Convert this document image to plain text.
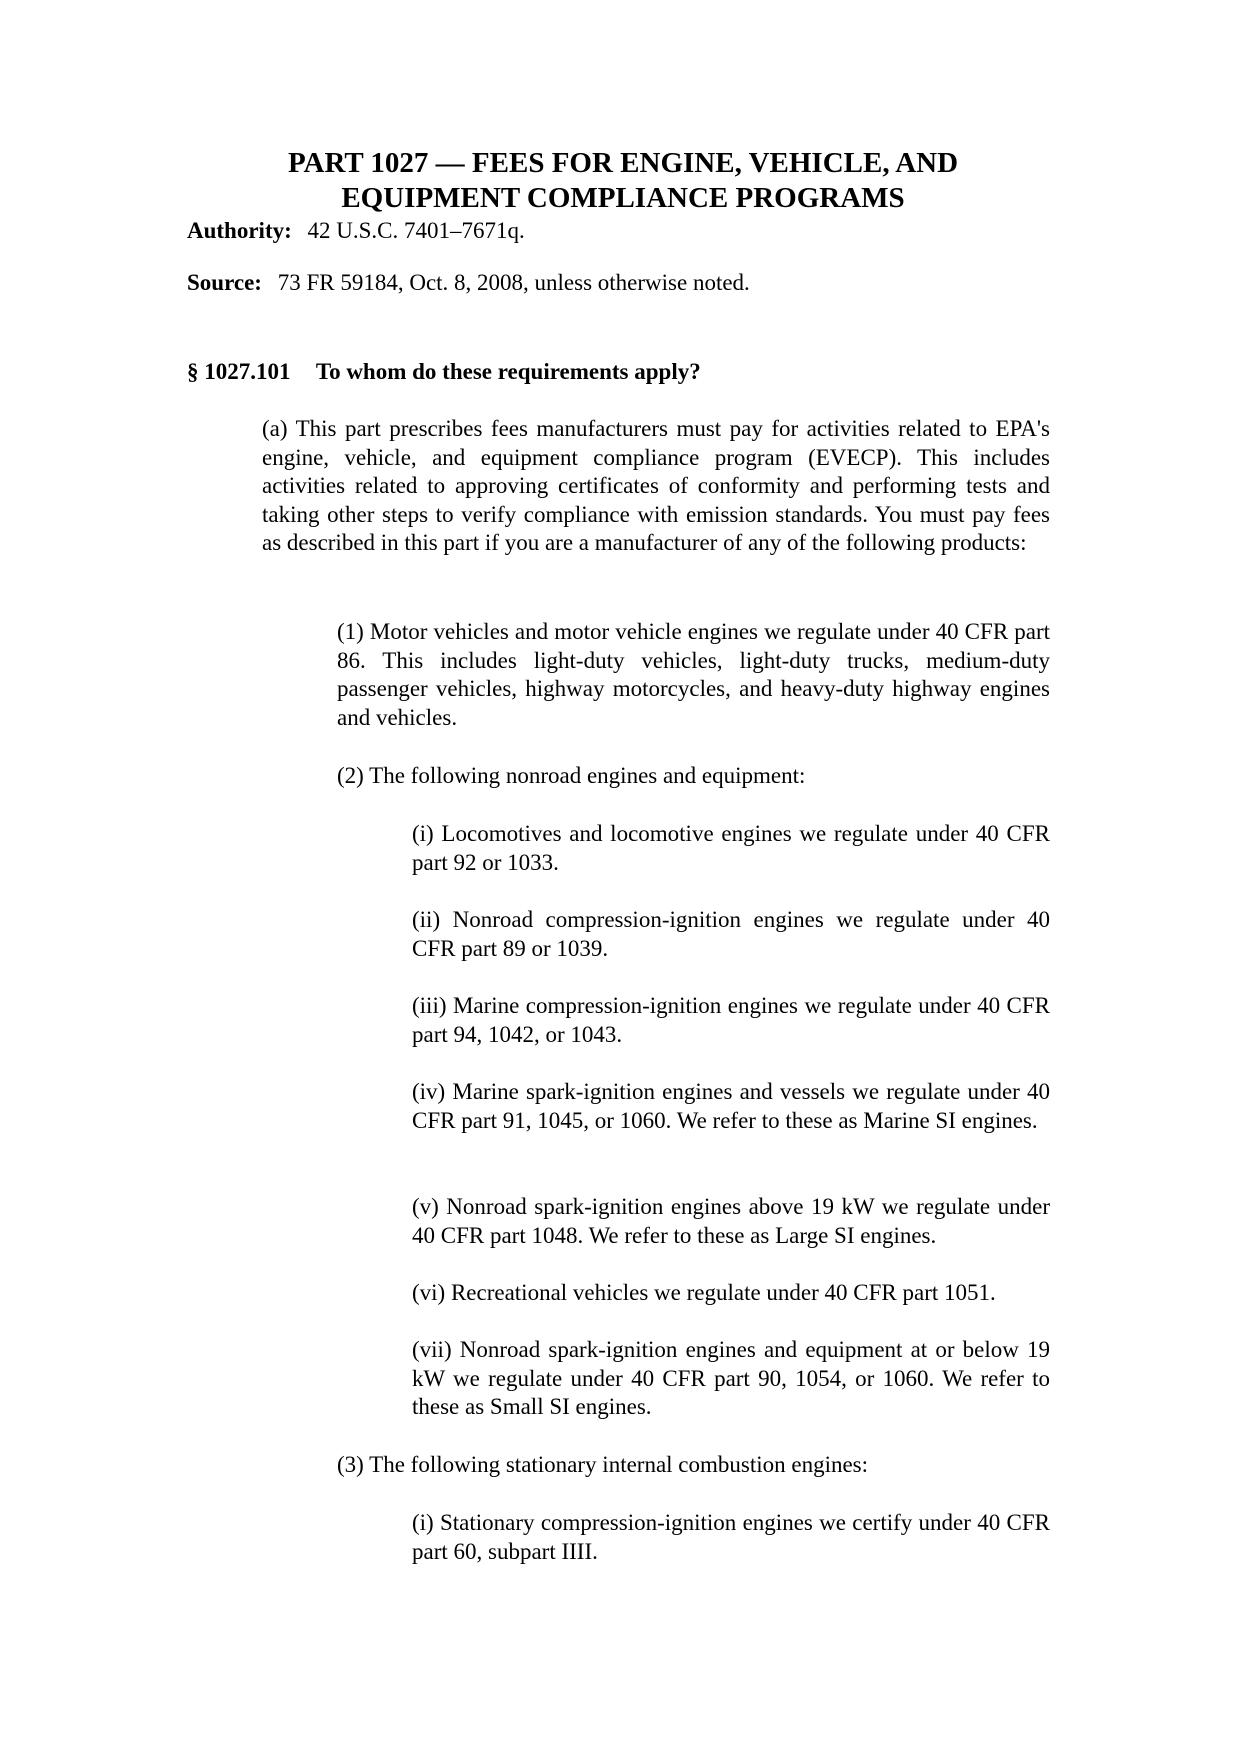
PART 1027 — FEES FOR ENGINE, VEHICLE, AND
EQUIPMENT COMPLIANCE PROGRAMS

Authority: 42 U.S.C. 7401–7671q.

Source: 73 FR 59184, Oct. 8, 2008, unless otherwise noted.

§ 1027.101 To whom do these requirements apply?

(a) This part prescribes fees manufacturers must pay for activities related to EPA's engine, vehicle, and equipment compliance program (EVECP). This includes activities related to approving certificates of conformity and performing tests and taking other steps to verify compliance with emission standards. You must pay fees as described in this part if you are a manufacturer of any of the following products:

(1) Motor vehicles and motor vehicle engines we regulate under 40 CFR part 86. This includes light-duty vehicles, light-duty trucks, medium-duty passenger vehicles, highway motorcycles, and heavy-duty highway engines and vehicles.

(2) The following nonroad engines and equipment:

(i) Locomotives and locomotive engines we regulate under 40 CFR part 92 or 1033.

(ii) Nonroad compression-ignition engines we regulate under 40 CFR part 89 or 1039.

(iii) Marine compression-ignition engines we regulate under 40 CFR part 94, 1042, or 1043.

(iv) Marine spark-ignition engines and vessels we regulate under 40 CFR part 91, 1045, or 1060. We refer to these as Marine SI engines.

(v) Nonroad spark-ignition engines above 19 kW we regulate under 40 CFR part 1048. We refer to these as Large SI engines.

(vi) Recreational vehicles we regulate under 40 CFR part 1051.

(vii) Nonroad spark-ignition engines and equipment at or below 19 kW we regulate under 40 CFR part 90, 1054, or 1060. We refer to these as Small SI engines.

(3) The following stationary internal combustion engines:

(i) Stationary compression-ignition engines we certify under 40 CFR part 60, subpart IIII.
